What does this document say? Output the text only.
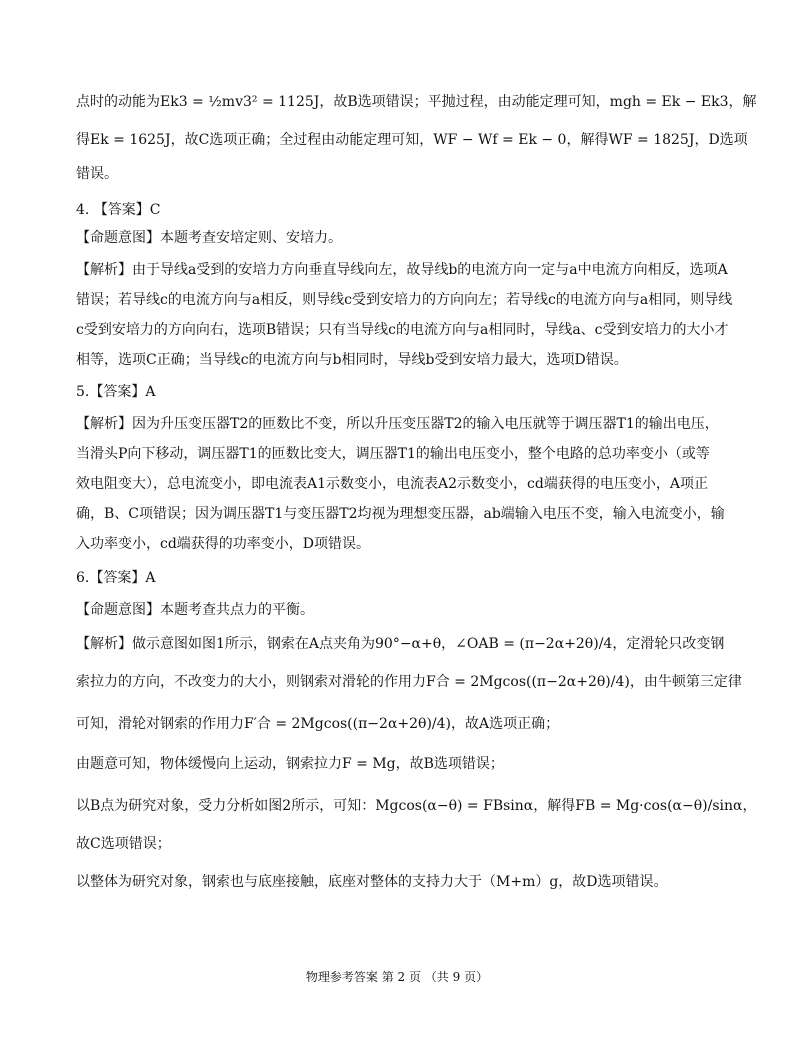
点时的动能为Ek3 = ½mv3² = 1125J，故B选项错误；平抛过程，由动能定理可知，mgh = Ek − Ek3，解
得Ek = 1625J，故C选项正确；全过程由动能定理可知，WF − Wf = Ek − 0，解得WF = 1825J，D选项
错误。
4. 【答案】C
【命题意图】本题考查安培定则、安培力。
【解析】由于导线a受到的安培力方向垂直导线向左，故导线b的电流方向一定与a中电流方向相反，选项A
错误；若导线c的电流方向与a相反，则导线c受到安培力的方向向左；若导线c的电流方向与a相同，则导线
c受到安培力的方向向右，选项B错误；只有当导线c的电流方向与a相同时，导线a、c受到安培力的大小才
相等，选项C正确；当导线c的电流方向与b相同时，导线b受到安培力最大，选项D错误。
5.【答案】A
【解析】因为升压变压器T2的匝数比不变，所以升压变压器T2的输入电压就等于调压器T1的输出电压，
当滑头P向下移动，调压器T1的匝数比变大，调压器T1的输出电压变小，整个电路的总功率变小（或等
效电阻变大），总电流变小，即电流表A1示数变小，电流表A2示数变小，cd端获得的电压变小，A项正
确，B、C项错误；因为调压器T1与变压器T2均视为理想变压器，ab端输入电压不变，输入电流变小，输
入功率变小，cd端获得的功率变小，D项错误。
6.【答案】A
【命题意图】本题考查共点力的平衡。
【解析】做示意图如图1所示，钢索在A点夹角为90°−α+θ，∠OAB = (π−2α+2θ)/4，定滑轮只改变钢
索拉力的方向，不改变力的大小，则钢索对滑轮的作用力F合 = 2Mgcos((π−2α+2θ)/4)，由牛顿第三定律
可知，滑轮对钢索的作用力F′合 = 2Mgcos((π−2α+2θ)/4)，故A选项正确；
由题意可知，物体缓慢向上运动，钢索拉力F = Mg，故B选项错误；
以B点为研究对象，受力分析如图2所示，可知：Mgcos(α−θ) = FBsinα，解得FB = Mg·cos(α−θ)/sinα，
故C选项错误；
以整体为研究对象，钢索也与底座接触，底座对整体的支持力大于（M+m）g，故D选项错误。
物理参考答案 第 2 页 （共 9 页）
